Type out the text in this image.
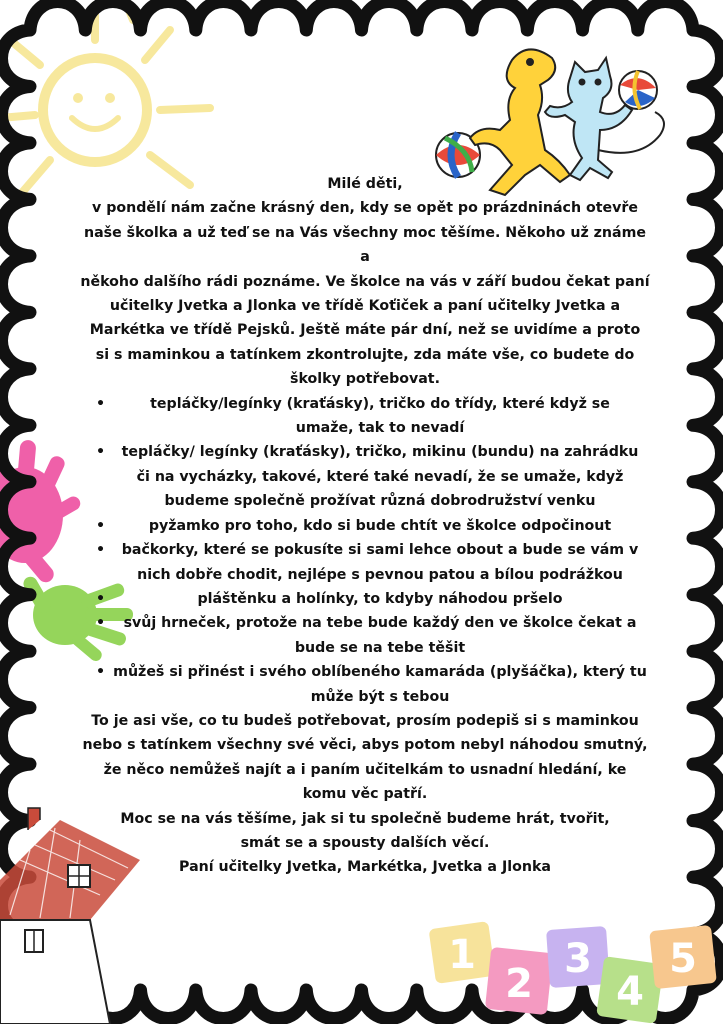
1
2
3
4
5

Milé děti,

v pondělí nám začne krásný den, kdy se opět po prázdninách otevře

naše školka a už teď se na Vás všechny moc těšíme. Někoho už známe a

někoho dalšího rádi poznáme. Ve školce na vás v září budou čekat paní

učitelky Jvetka a Jlonka ve třídě Koťiček a paní učitelky Jvetka a

Markétka ve třídě Pejsků. Ještě máte pár dní, než se uvidíme a proto

si s maminkou a tatínkem zkontrolujte, zda máte vše, co budete do

školky potřebovat.

• tepláčky/legínky (kraťásky), tričko do třídy, které když se
umaže, tak to nevadí
• tepláčky/ legínky (kraťásky), tričko, mikinu (bundu) na zahrádku
či na vycházky, takové, které také nevadí, že se umaže, když
budeme společně prožívat různá dobrodružství venku
• pyžamko pro toho, kdo si bude chtít ve školce odpočinout
• bačkorky, které se pokusíte si sami lehce obout a bude se vám v
nich dobře chodit, nejlépe s pevnou patou a bílou podrážkou
• pláštěnku a holínky, to kdyby náhodou pršelo
• svůj hrneček, protože na tebe bude každý den ve školce čekat a
bude se na tebe těšit
• můžeš si přinést i svého oblíbeného kamaráda (plyšáčka), který tu
může být s tebou

To je asi vše, co tu budeš potřebovat, prosím podepiš si s maminkou

nebo s tatínkem všechny své věci, abys potom nebyl náhodou smutný,

že něco nemůžeš najít a i paním učitelkám to usnadní hledání, ke

komu věc patří.

Moc se na vás těšíme, jak si tu společně budeme hrát, tvořit,

smát se a spousty dalších věcí.

Paní učitelky Jvetka, Markétka, Jvetka a Jlonka
